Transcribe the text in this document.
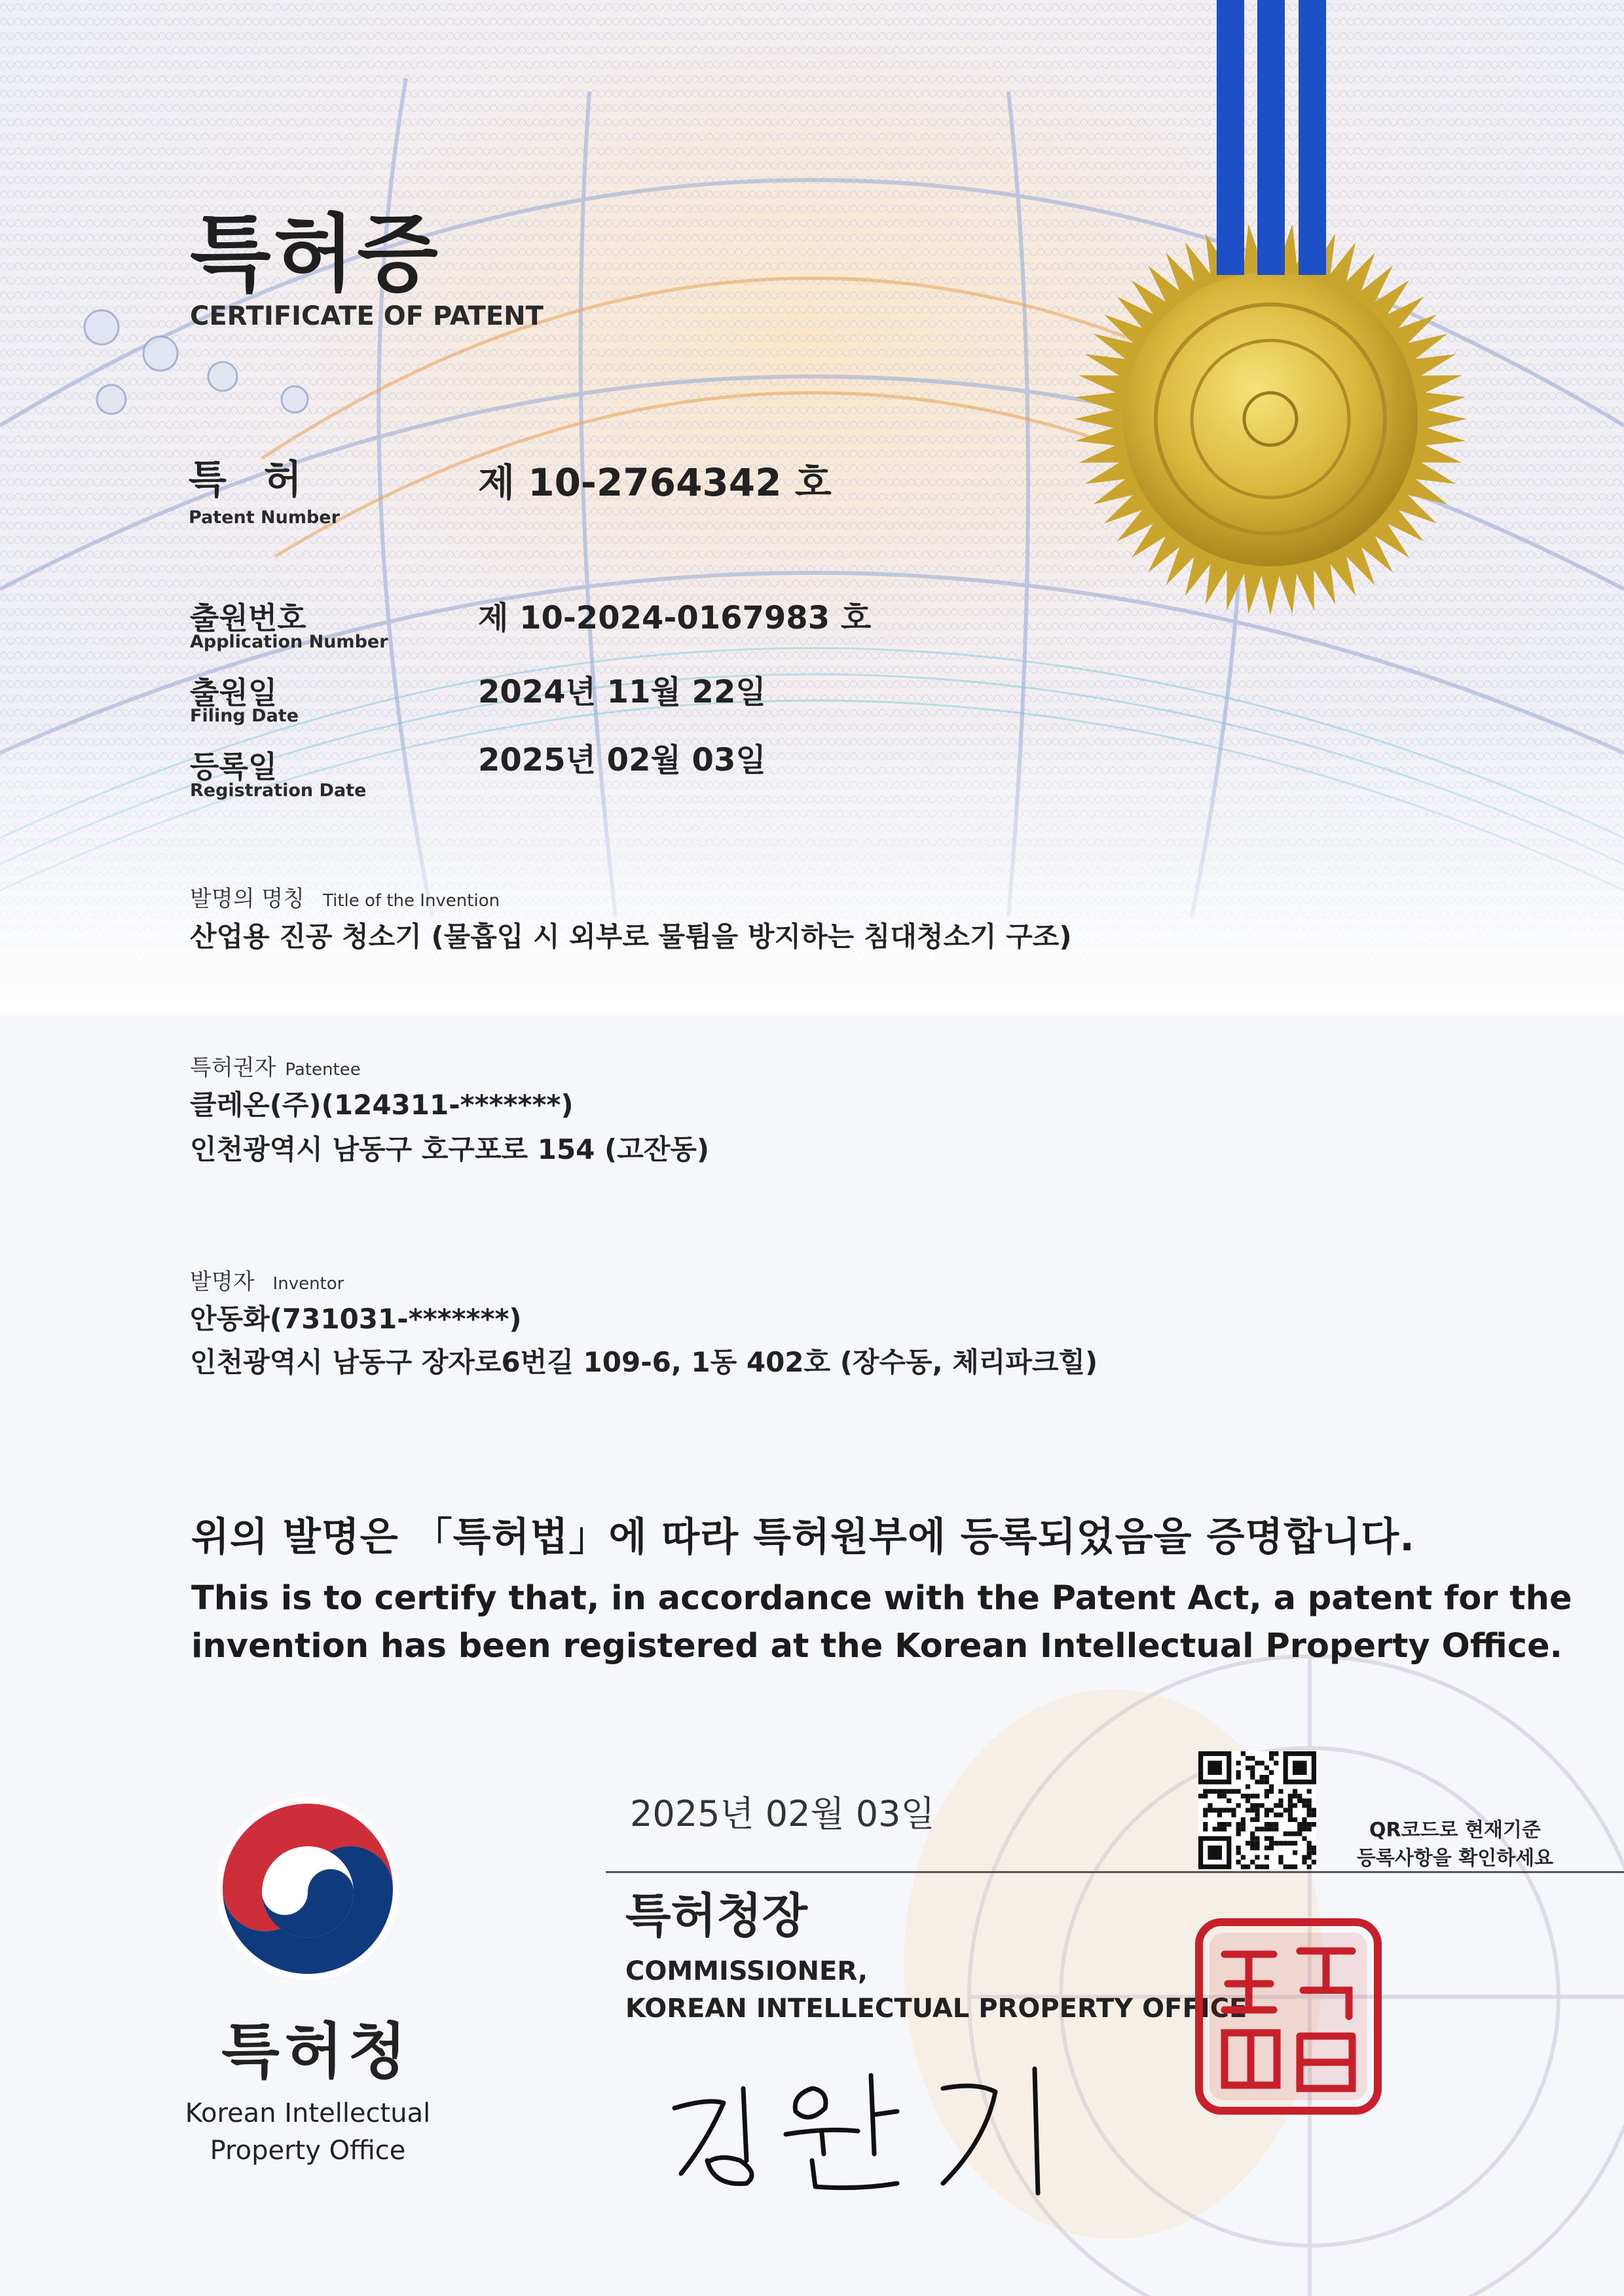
특허증
CERTIFICATE OF PATENT
특 허
Patent Number
제 10-2764342 호
출원번호
Application Number
제 10-2024-0167983 호
출원일
Filing Date
2024년 11월 22일
등록일
Registration Date
2025년 02월 03일
발명의 명칭 Title of the Invention
산업용 진공 청소기 (물흡입 시 외부로 물튐을 방지하는 침대청소기 구조)
특허권자 Patentee
클레온(주)(124311-*******)
인천광역시 남동구 호구포로 154 (고잔동)
발명자 Inventor
안동화(731031-*******)
인천광역시 남동구 장자로6번길 109-6, 1동 402호 (장수동, 체리파크힐)
위의 발명은 「특허법」에 따라 특허원부에 등록되었음을 증명합니다.
This is to certify that, in accordance with the Patent Act, a patent for the
invention has been registered at the Korean Intellectual Property Office.
2025년 02월 03일
특허청장
COMMISSIONER,
KOREAN INTELLECTUAL PROPERTY OFFICE
QR코드로 현재기준
등록사항을 확인하세요
김 완 기
특허청
Korean Intellectual
Property Office
